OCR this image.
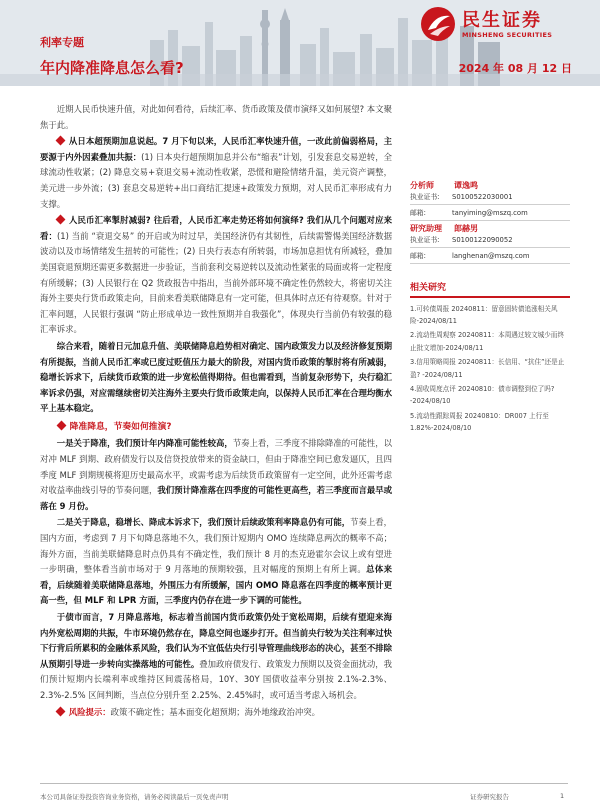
民生证券
MINSHENG SECURITIES
利率专题
年内降准降息怎么看?	2024 年 08 月 12 日

近期人民币快速升值，对此如何看待，后续汇率、货币政策及债市演绎又如何展望? 本文聚焦于此。

从日本超预期加息说起。7 月下旬以来，人民币汇率快速升值，一改此前偏弱格局，主要源于内外因素叠加共振：(1) 日本央行超预期加息并公布“缩表”计划，引发套息交易逆转，全球流动性收紧；(2) 降息交易+衰退交易+流动性收紧，恐慌和避险情绪升温，美元资产调整，美元进一步外流；(3) 套息交易逆转+出口商结汇提速+政策发力预期，对人民币汇率形成有力支撑。

人民币汇率掣肘减弱? 往后看，人民币汇率走势还将如何演绎? 我们从几个问题对应来看：(1) 当前 “衰退交易” 的开启或为时过早，美国经济仍有其韧性，后续需警惕美国经济数据波动以及市场情绪发生扭转的可能性；(2) 日央行表态有所转弱，市场加息担忧有所减轻，叠加美国衰退预期还需更多数据进一步验证，当前套利交易逆转以及流动性紧张的局面或将一定程度有所缓解；(3) 人民银行在 Q2 货政报告中指出，当前外部环境不确定性仍然较大，将密切关注海外主要央行货币政策走向，目前来看美联储降息有一定可能，但具体时点还有待观察。针对于汇率问题，人民银行强调 “防止形成单边一致性预期并自我强化”，体现央行当前仍有较强的稳汇率诉求。

综合来看，随着日元加息升值、美联储降息趋势相对确定、国内政策发力以及经济修复预期有所提振，当前人民币汇率或已度过贬值压力最大的阶段，对国内货币政策的掣肘将有所减弱，稳增长诉求下，后续货币政策的进一步宽松值得期待。但也需看到，当前复杂形势下，央行稳汇率诉求仍强，对应需继续密切关注海外主要央行货币政策走向，以保持人民币汇率在合理均衡水平上基本稳定。

降准降息，节奏如何推演?

一是关于降准，我们预计年内降准可能性较高，节奏上看，三季度不排除降准的可能性，以对冲 MLF 到期、政府债发行以及信贷投放带来的资金缺口，但由于降准空间已愈发逼仄，且四季度 MLF 到期规模将迎历史最高水平，或需考虑为后续货币政策留有一定空间，此外还需考虑对收益率曲线引导的节奏问题，我们预计降准落在四季度的可能性更高些，若三季度而言最早或落在 9 月份。

二是关于降息，稳增长、降成本诉求下，我们预计后续政策利率降息仍有可能，节奏上看，国内方面，考虑到 7 月下旬降息落地不久，我们预计短期内 OMO 连续降息两次的概率不高；海外方面，当前美联储降息时点仍具有不确定性，我们预计 8 月的杰克逊霍尔会议上或有望进一步明确，整体看当前市场对于 9 月落地的预期较强，且对幅度的预期上有所上调。总体来看，后续随着美联储降息落地，外围压力有所缓解，国内 OMO 降息落在四季度的概率预计更高一些，但 MLF 和 LPR 方面，三季度内仍存在进一步下调的可能性。

于债市而言，7 月降息落地，标志着当前国内货币政策仍处于宽松周期，后续有望迎来海内外宽松周期的共振，牛市环境仍然存在，降息空间也逐步打开。但当前央行较为关注利率过快下行背后所累积的金融体系风险，我们认为不宜低估央行引导管理曲线形态的决心，甚至不排除从预期引导进一步转向实操落地的可能性。叠加政府债发行、政策发力预期以及资金面扰动，我们预计短期内长端利率或维持区间震荡格局，10Y、30Y 国债收益率分别按 2.1%-2.3%、2.3%-2.5% 区间判断，当点位分别升至 2.25%、2.45%时，或可适当考虑入场机会。

风险提示：政策不确定性；基本面变化超预期；海外地缘政治冲突。

分析师	谭逸鸣
执业证书:	S0100522030001
邮箱:	tanyiming@mszq.com
研究助理	郎赫男
执业证书:	S0100122090052
邮箱:	langhenan@mszq.com
相关研究
1.可转债周报 20240811：留意固转债追涨相关风险-2024/08/11
2.流动性周观察 20240811：本周遇过较文城少而终止批文增加-2024/08/11
3.信用策略周报 20240811：长信用、“抗住”还是止盈? -2024/08/11
4.固收周度点评 20240810：债市调整到位了吗? -2024/08/10
5.流动性跟踪周报 20240810：DR007 上行至 1.82%-2024/08/10
本公司具备证券投资咨询业务资格，请务必阅读最后一页免责声明	证券研究报告	1
